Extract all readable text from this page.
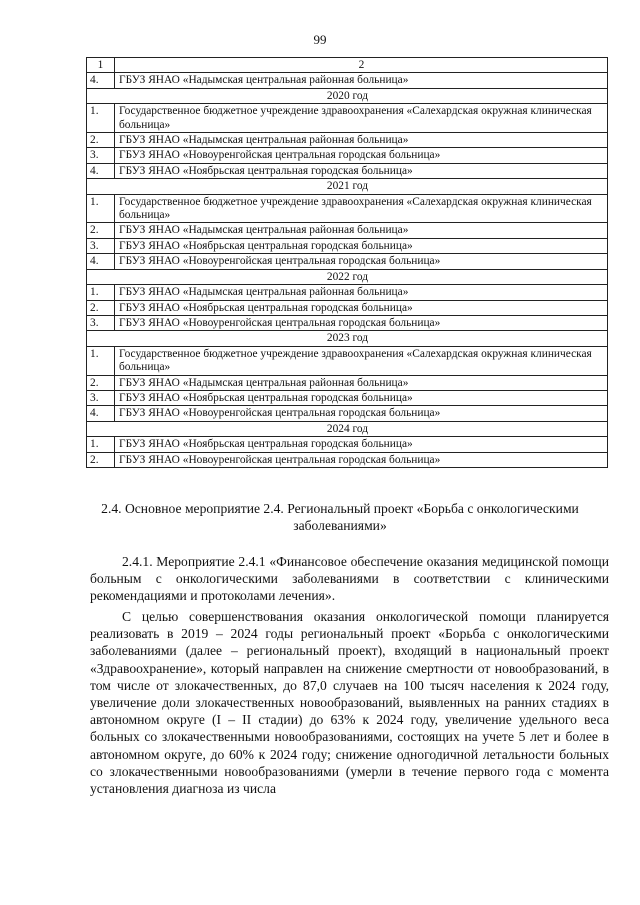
99
1	2
4.	ГБУЗ ЯНАО «Надымская центральная районная больница»
2020 год	
1.	Государственное бюджетное учреждение здравоохранения «Салехардская окружная клиническая больница»
2.	ГБУЗ ЯНАО «Надымская центральная районная больница»
3.	ГБУЗ ЯНАО «Новоуренгойская центральная городская больница»
4.	ГБУЗ ЯНАО «Ноябрьская центральная городская больница»
2021 год	
1.	Государственное бюджетное учреждение здравоохранения «Салехардская окружная клиническая больница»
2.	ГБУЗ ЯНАО «Надымская центральная районная больница»
3.	ГБУЗ ЯНАО «Ноябрьская центральная городская больница»
4.	ГБУЗ ЯНАО «Новоуренгойская центральная городская больница»
2022 год	
1.	ГБУЗ ЯНАО «Надымская центральная районная больница»
2.	ГБУЗ ЯНАО «Ноябрьская центральная городская больница»
3.	ГБУЗ ЯНАО «Новоуренгойская центральная городская больница»
2023 год	
1.	Государственное бюджетное учреждение здравоохранения «Салехардская окружная клиническая больница»
2.	ГБУЗ ЯНАО «Надымская центральная районная больница»
3.	ГБУЗ ЯНАО «Ноябрьская центральная городская больница»
4.	ГБУЗ ЯНАО «Новоуренгойская центральная городская больница»
2024 год	
1.	ГБУЗ ЯНАО «Ноябрьская центральная городская больница»
2.	ГБУЗ ЯНАО «Новоуренгойская центральная городская больница»
2.4. Основное мероприятие 2.4. Региональный проект «Борьба с онкологическими заболеваниями»

2.4.1. Мероприятие 2.4.1 «Финансовое обеспечение оказания медицинской помощи больным с онкологическими заболеваниями в соответствии с клиническими рекомендациями и протоколами лечения».

С целью совершенствования оказания онкологической помощи планируется реализовать в 2019 – 2024 годы региональный проект «Борьба с онкологическими заболеваниями (далее – региональный проект), входящий в национальный проект «Здравоохранение», который направлен на снижение смертности от новообразований, в том числе от злокачественных, до 87,0 случаев на 100 тысяч населения к 2024 году, увеличение доли злокачественных новообразований, выявленных на ранних стадиях в автономном округе (I – II стадии) до 63% к 2024 году, увеличение удельного веса больных со злокачественными новообразованиями, состоящих на учете 5 лет и более в автономном округе, до 60% к 2024 году; снижение одногодичной летальности больных со злокачественными новообразованиями (умерли в течение первого года с момента установления диагноза из числа
